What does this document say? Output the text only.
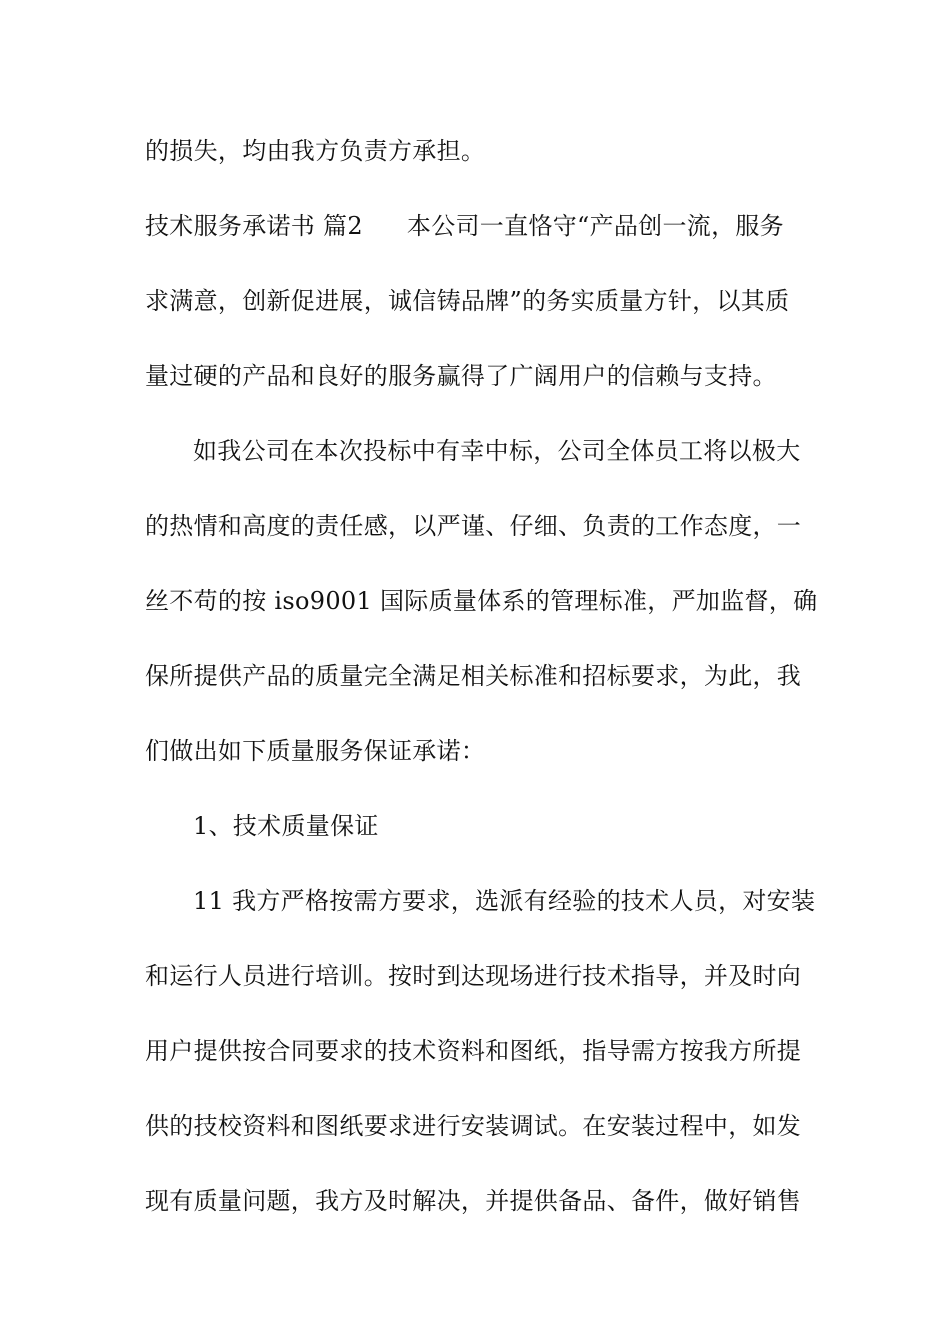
的损失，均由我方负责方承担。
技术服务承诺书 篇2 本公司一直恪守“产品创一流，服务
求满意，创新促进展，诚信铸品牌”的务实质量方针，以其质
量过硬的产品和良好的服务赢得了广阔用户的信赖与支持。
如我公司在本次投标中有幸中标，公司全体员工将以极大
的热情和高度的责任感，以严谨、仔细、负责的工作态度，一
丝不苟的按 iso9001 国际质量体系的管理标准，严加监督，确
保所提供产品的质量完全满足相关标准和招标要求，为此，我
们做出如下质量服务保证承诺：
1、技术质量保证
11 我方严格按需方要求，选派有经验的技术人员，对安装
和运行人员进行培训。按时到达现场进行技术指导，并及时向
用户提供按合同要求的技术资料和图纸，指导需方按我方所提
供的技校资料和图纸要求进行安装调试。在安装过程中，如发
现有质量问题，我方及时解决，并提供备品、备件，做好销售
